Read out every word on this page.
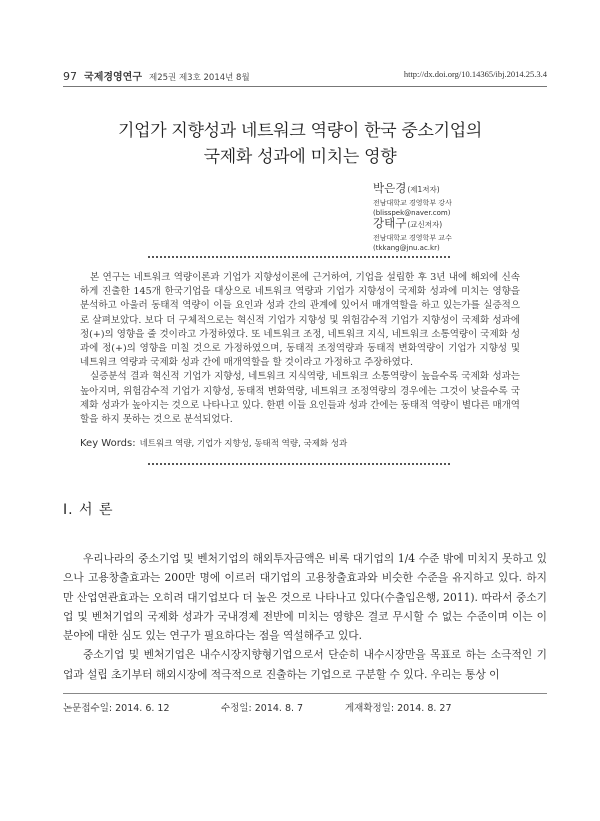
97 국제경영연구 제25권 제3호 2014년 8월	http://dx.doi.org/10.14365/ibj.2014.25.3.4
기업가 지향성과 네트워크 역량이 한국 중소기업의
국제화 성과에 미치는 영향
박은경(제1저자)
전남대학교 경영학부 강사
(blisspek@naver.com)
강태구(교신저자)
전남대학교 경영학부 교수
(tkkang@jnu.ac.kr)

본 연구는 네트워크 역량이론과 기업가 지향성이론에 근거하여, 기업을 설립한 후 3년 내에 해외에 신속하게 진출한 145개 한국기업을 대상으로 네트워크 역량과 기업가 지향성이 국제화 성과에 미치는 영향을 분석하고 아울러 동태적 역량이 이들 요인과 성과 간의 관계에 있어서 매개역할을 하고 있는가를 실증적으로 살펴보았다. 보다 더 구체적으로는 혁신적 기업가 지향성 및 위험감수적 기업가 지향성이 국제화 성과에 정(+)의 영향을 줄 것이라고 가정하였다. 또 네트워크 조정, 네트워크 지식, 네트워크 소통역량이 국제화 성과에 정(+)의 영향을 미칠 것으로 가정하였으며, 동태적 조정역량과 동태적 변화역량이 기업가 지향성 및 네트워크 역량과 국제화 성과 간에 매개역할을 할 것이라고 가정하고 주장하였다.

실증분석 결과 혁신적 기업가 지향성, 네트워크 지식역량, 네트워크 소통역량이 높을수록 국제화 성과는 높아지며, 위험감수적 기업가 지향성, 동태적 변화역량, 네트워크 조정역량의 경우에는 그것이 낮을수록 국제화 성과가 높아지는 것으로 나타나고 있다. 한편 이들 요인들과 성과 간에는 동태적 역량이 별다른 매개역할을 하지 못하는 것으로 분석되었다.

Key Words: 네트워크 역량, 기업가 지향성, 동태적 역량, 국제화 성과
Ⅰ. 서 론

우리나라의 중소기업 및 벤처기업의 해외투자금액은 비록 대기업의 1/4 수준 밖에 미치지 못하고 있으나 고용창출효과는 200만 명에 이르러 대기업의 고용창출효과와 비슷한 수준을 유지하고 있다. 하지만 산업연관효과는 오히려 대기업보다 더 높은 것으로 나타나고 있다(수출입은행, 2011). 따라서 중소기업 및 벤처기업의 국제화 성과가 국내경제 전반에 미치는 영향은 결코 무시할 수 없는 수준이며 이는 이 분야에 대한 심도 있는 연구가 필요하다는 점을 역설해주고 있다.

중소기업 및 벤처기업은 내수시장지향형기업으로서 단순히 내수시장만을 목표로 하는 소극적인 기업과 설립 초기부터 해외시장에 적극적으로 진출하는 기업으로 구분할 수 있다. 우리는 통상 이

논문접수일: 2014. 6. 12	수정일: 2014. 8. 7	게재확정일: 2014. 8. 27
